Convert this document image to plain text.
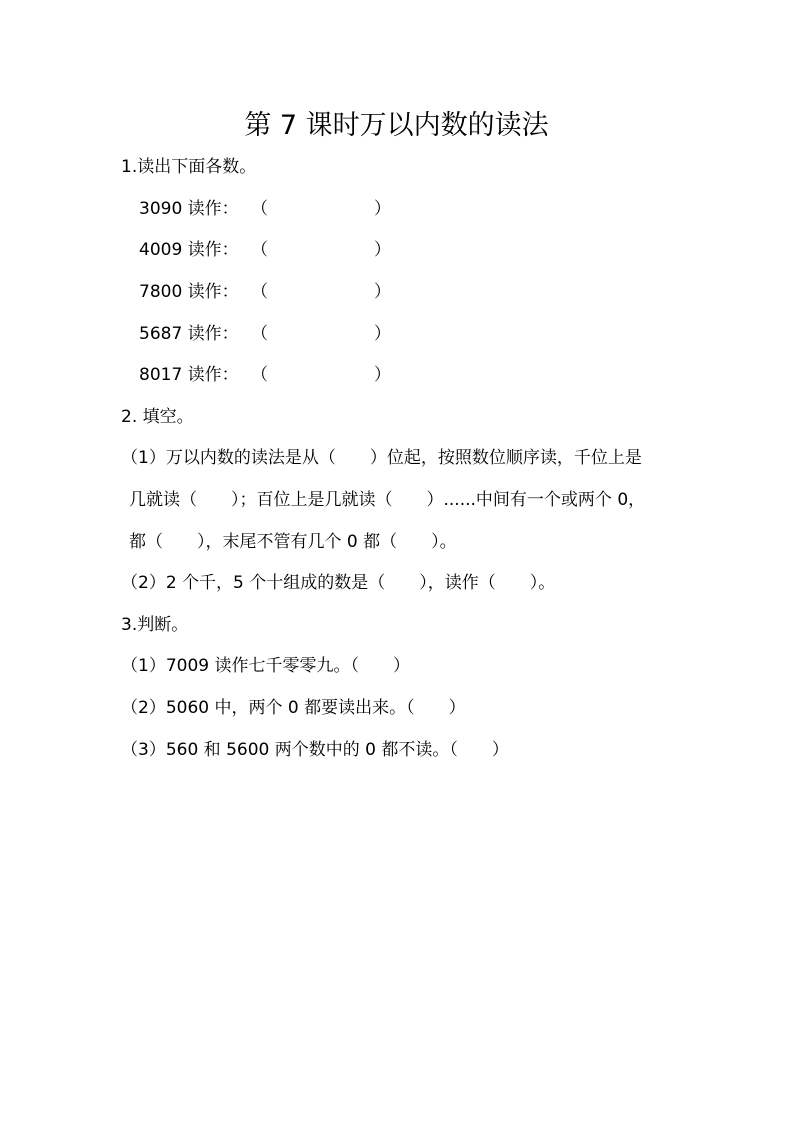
第 7 课时万以内数的读法
1.读出下面各数。
3090 读作： （	）
4009 读作： （	）
7800 读作： （	）
5687 读作： （	）
8017 读作： （	）
2. 填空。
（1）万以内数的读法是从（　　）位起，按照数位顺序读，千位上是
几就读（　　）；百位上是几就读（　　）......中间有一个或两个 0，
都（　　），末尾不管有几个 0 都（　　）。
（2）2 个千，5 个十组成的数是（　　），读作（　　）。
3.判断。
（1）7009 读作七千零零九。（　　）
（2）5060 中，两个 0 都要读出来。（　　）
（3）560 和 5600 两个数中的 0 都不读。（　　）
